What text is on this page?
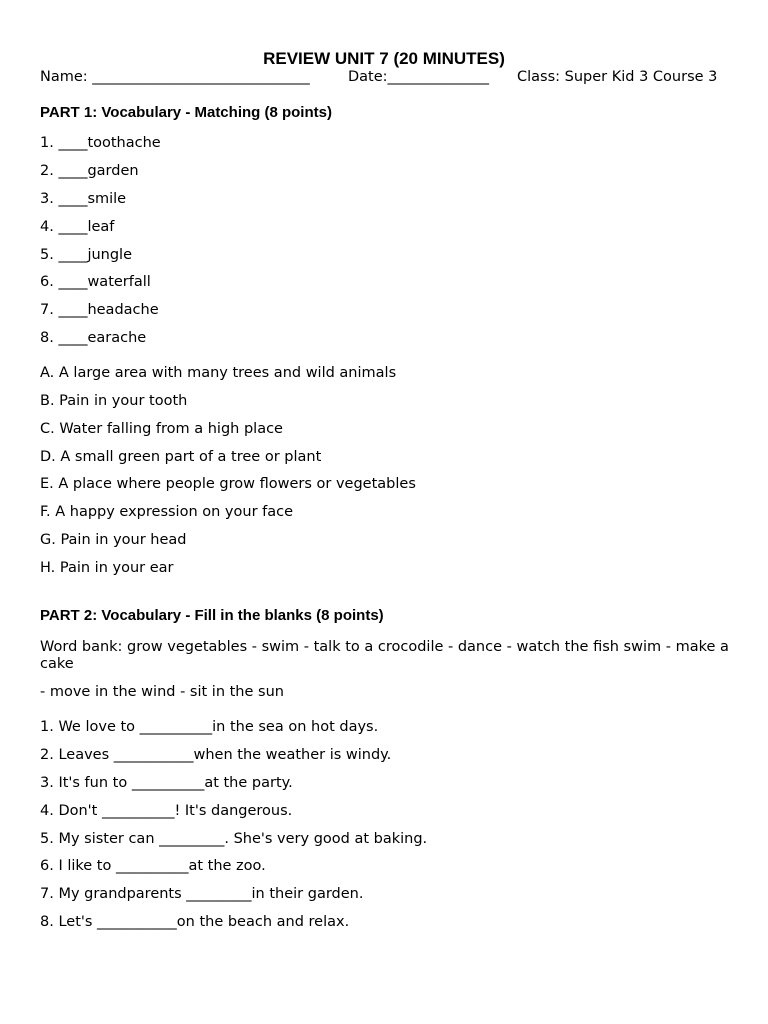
REVIEW UNIT 7 (20 MINUTES)
Name: ______________________________	Date:______________ Class: Super Kid 3 Course 3
PART 1: Vocabulary - Matching (8 points)
1. ____toothache
2. ____garden
3. ____smile
4. ____leaf
5. ____jungle
6. ____waterfall
7. ____headache
8. ____earache
A. A large area with many trees and wild animals
B. Pain in your tooth
C. Water falling from a high place
D. A small green part of a tree or plant
E. A place where people grow flowers or vegetables
F. A happy expression on your face
G. Pain in your head
H. Pain in your ear
PART 2: Vocabulary - Fill in the blanks (8 points)
Word bank: grow vegetables - swim - talk to a crocodile - dance - watch the fish swim - make a cake
- move in the wind - sit in the sun
1. We love to __________in the sea on hot days.
2. Leaves ___________when the weather is windy.
3. It's fun to __________at the party.
4. Don't __________! It's dangerous.
5. My sister can _________. She's very good at baking.
6. I like to __________at the zoo.
7. My grandparents _________in their garden.
8. Let's ___________on the beach and relax.
